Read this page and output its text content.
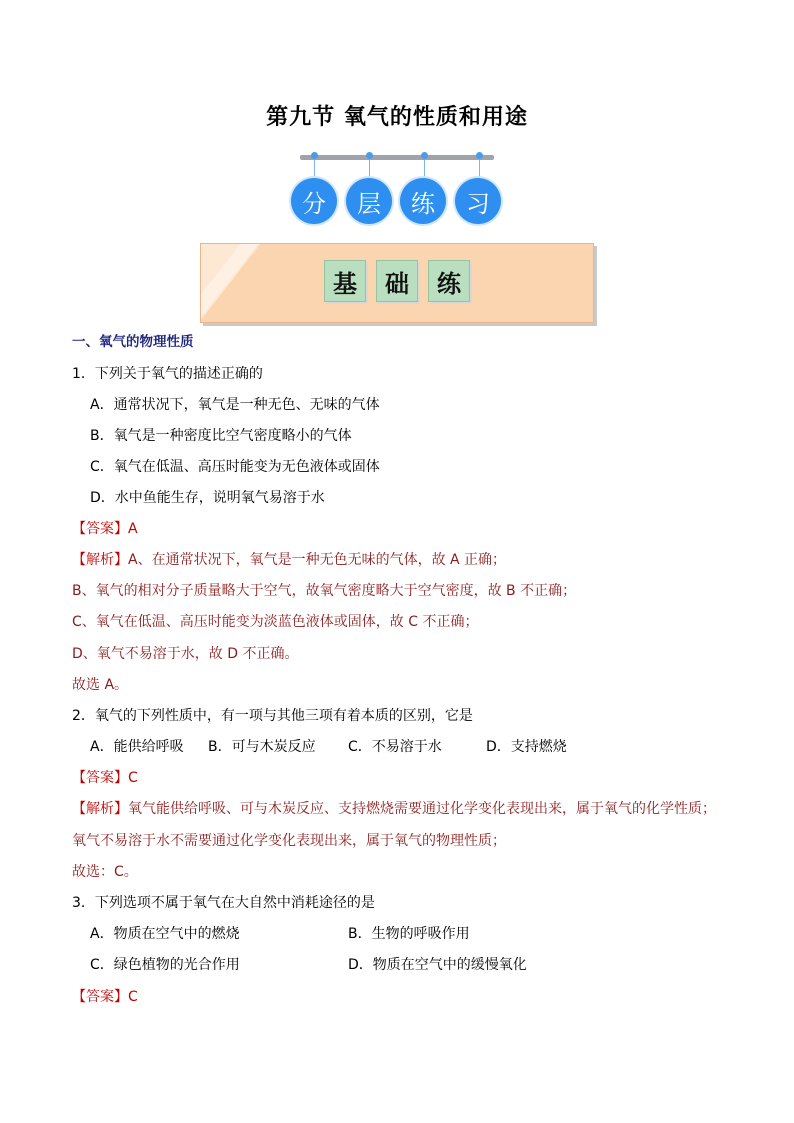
第九节 氧气的性质和用途
分	层	练	习
基	础	练
一、氧气的物理性质
1．下列关于氧气的描述正确的
A．通常状况下，氧气是一种无色、无味的气体
B．氧气是一种密度比空气密度略小的气体
C．氧气在低温、高压时能变为无色液体或固体
D．水中鱼能生存，说明氧气易溶于水
【答案】A
【解析】A、在通常状况下，氧气是一种无色无味的气体，故 A 正确；
B、氧气的相对分子质量略大于空气，故氧气密度略大于空气密度，故 B 不正确；
C、氧气在低温、高压时能变为淡蓝色液体或固体，故 C 不正确；
D、氧气不易溶于水，故 D 不正确。
故选 A。
2．氧气的下列性质中，有一项与其他三项有着本质的区别，它是
A．能供给呼吸 B．可与木炭反应 C．不易溶于水	D．支持燃烧
【答案】C
【解析】氧气能供给呼吸、可与木炭反应、支持燃烧需要通过化学变化表现出来，属于氧气的化学性质；
氧气不易溶于水不需要通过化学变化表现出来，属于氧气的物理性质；
故选：C。
3．下列选项不属于氧气在大自然中消耗途径的是
A．物质在空气中的燃烧	B．生物的呼吸作用
C．绿色植物的光合作用	D．物质在空气中的缓慢氧化
【答案】C
